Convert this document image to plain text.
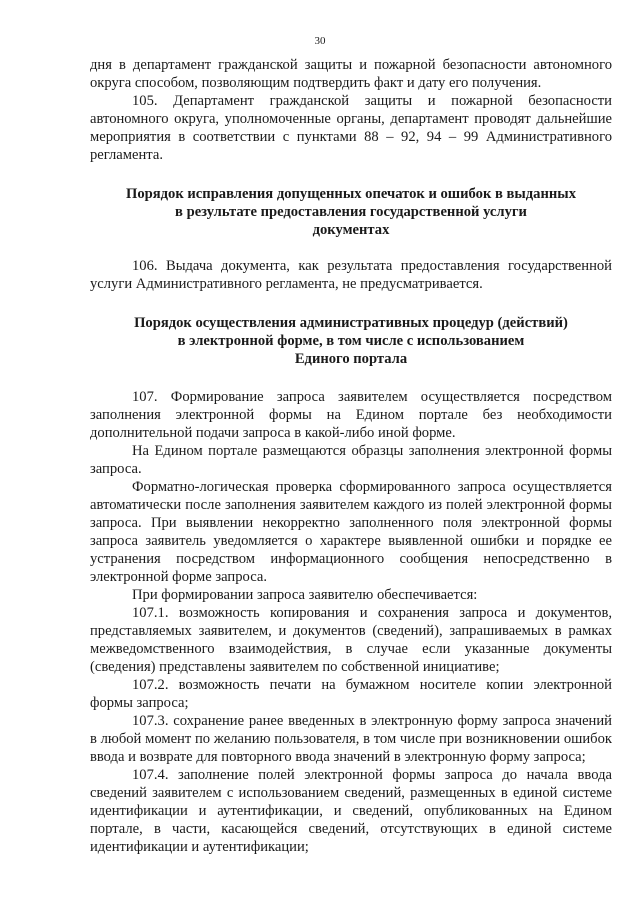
30

дня в департамент гражданской защиты и пожарной безопасности автономного округа способом, позволяющим подтвердить факт и дату его получения.

105. Департамент гражданской защиты и пожарной безопасности автономного округа, уполномоченные органы, департамент проводят дальнейшие мероприятия в соответствии с пунктами 88 – 92, 94 – 99 Административного регламента.

Порядок исправления допущенных опечаток и ошибок в выданных
в результате предоставления государственной услуги
документах

106. Выдача документа, как результата предоставления государственной услуги Административного регламента, не предусматривается.

Порядок осуществления административных процедур (действий)
в электронной форме, в том числе с использованием
Единого портала

107. Формирование запроса заявителем осуществляется посредством заполнения электронной формы на Едином портале без необходимости дополнительной подачи запроса в какой-либо иной форме.

На Едином портале размещаются образцы заполнения электронной формы запроса.

Форматно-логическая проверка сформированного запроса осуществляется автоматически после заполнения заявителем каждого из полей электронной формы запроса. При выявлении некорректно заполненного поля электронной формы запроса заявитель уведомляется о характере выявленной ошибки и порядке ее устранения посредством информационного сообщения непосредственно в электронной форме запроса.

При формировании запроса заявителю обеспечивается:

107.1. возможность копирования и сохранения запроса и документов, представляемых заявителем, и документов (сведений), запрашиваемых в рамках межведомственного взаимодействия, в случае если указанные документы (сведения) представлены заявителем по собственной инициативе;

107.2. возможность печати на бумажном носителе копии электронной формы запроса;

107.3. сохранение ранее введенных в электронную форму запроса значений в любой момент по желанию пользователя, в том числе при возникновении ошибок ввода и возврате для повторного ввода значений в электронную форму запроса;

107.4. заполнение полей электронной формы запроса до начала ввода сведений заявителем с использованием сведений, размещенных в единой системе идентификации и аутентификации, и сведений, опубликованных на Едином портале, в части, касающейся сведений, отсутствующих в единой системе идентификации и аутентификации;
